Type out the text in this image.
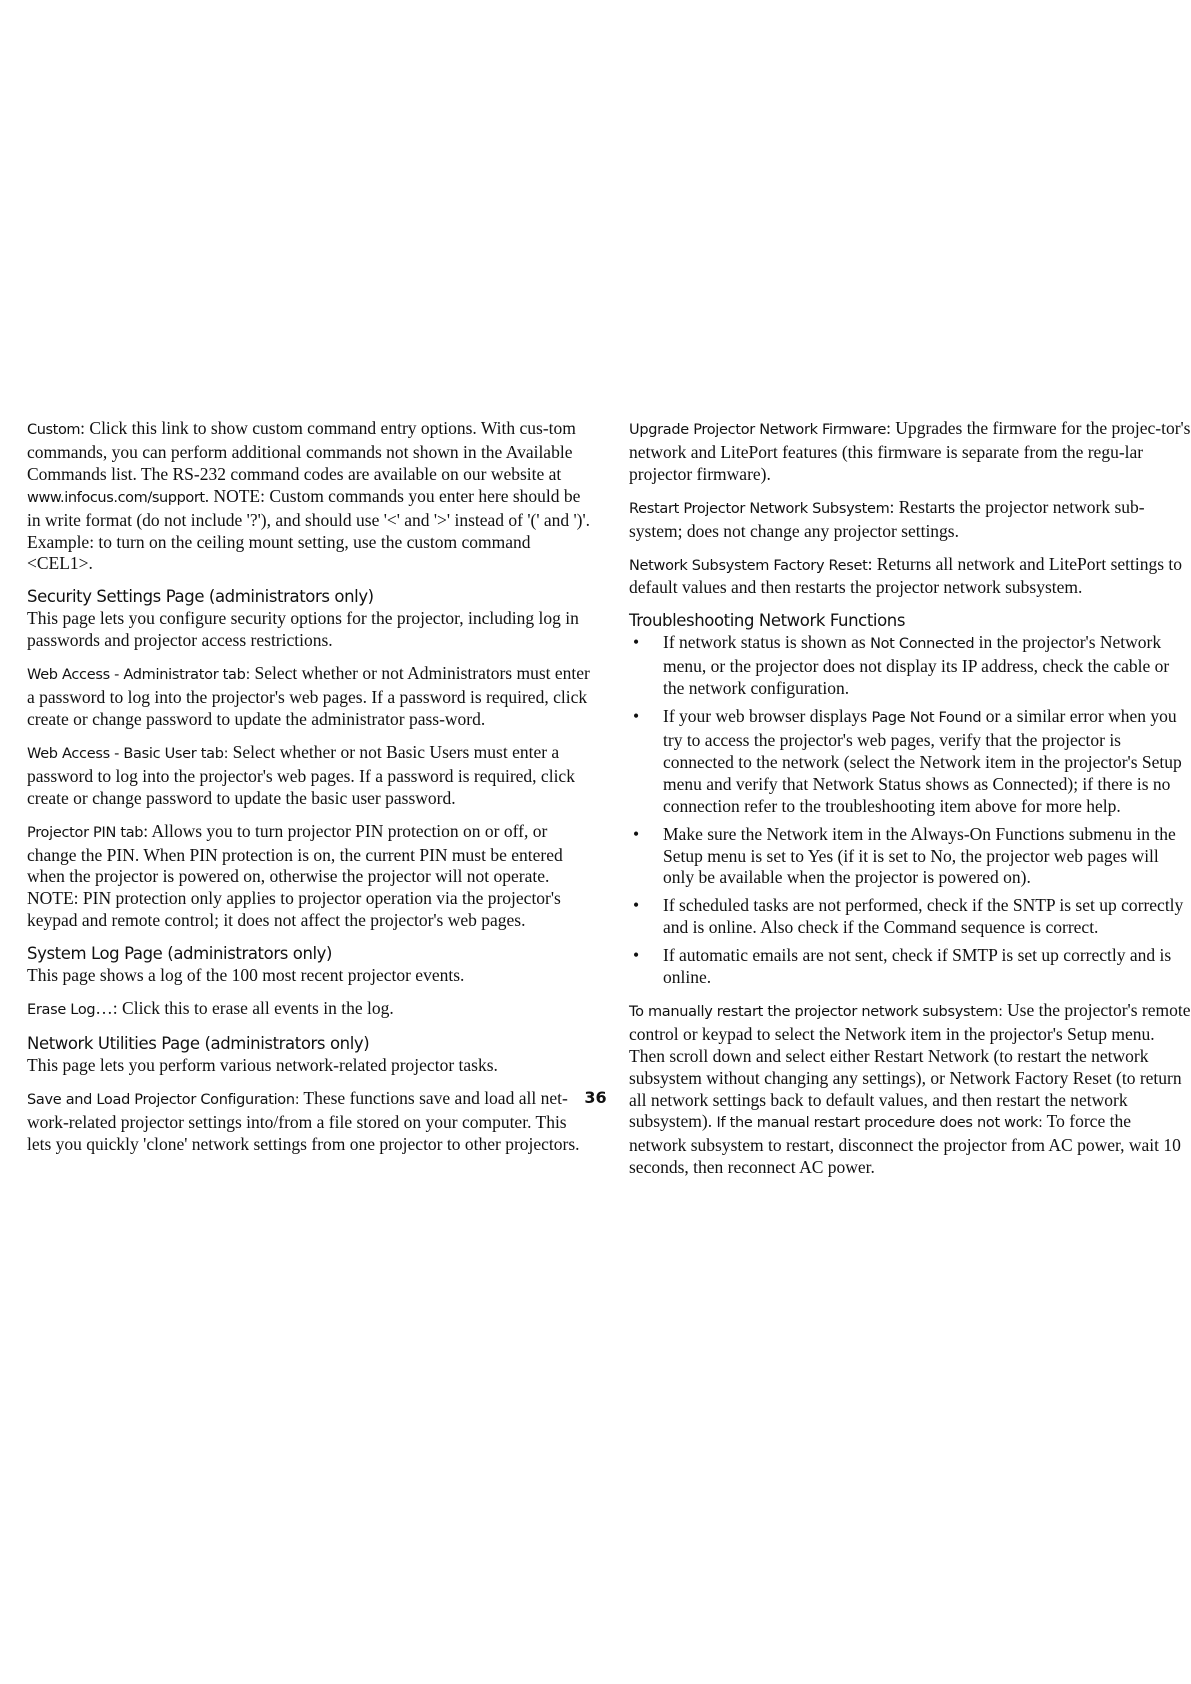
Custom: Click this link to show custom command entry options. With cus-tom commands, you can perform additional commands not shown in the Available Commands list. The RS-232 command codes are available on our website at www.infocus.com/support. NOTE: Custom commands you enter here should be in write format (do not include '?'), and should use '<' and '>' instead of '(' and ')'. Example: to turn on the ceiling mount setting, use the custom command <CEL1>.

Security Settings Page (administrators only)

This page lets you configure security options for the projector, including log in passwords and projector access restrictions.

Web Access - Administrator tab: Select whether or not Administrators must enter a password to log into the projector's web pages. If a password is required, click create or change password to update the administrator pass-word.

Web Access - Basic User tab: Select whether or not Basic Users must enter a password to log into the projector's web pages. If a password is required, click create or change password to update the basic user password.

Projector PIN tab: Allows you to turn projector PIN protection on or off, or change the PIN. When PIN protection is on, the current PIN must be entered when the projector is powered on, otherwise the projector will not operate. NOTE: PIN protection only applies to projector operation via the projector's keypad and remote control; it does not affect the projector's web pages.

System Log Page (administrators only)

This page shows a log of the 100 most recent projector events.

Erase Log…: Click this to erase all events in the log.

Network Utilities Page (administrators only)

This page lets you perform various network-related projector tasks.

Save and Load Projector Configuration: These functions save and load all net-work-related projector settings into/from a file stored on your computer. This lets you quickly 'clone' network settings from one projector to other projectors.

Upgrade Projector Network Firmware: Upgrades the firmware for the projec-tor's network and LitePort features (this firmware is separate from the regu-lar projector firmware).

Restart Projector Network Subsystem: Restarts the projector network sub-system; does not change any projector settings.

Network Subsystem Factory Reset: Returns all network and LitePort settings to default values and then restarts the projector network subsystem.

Troubleshooting Network Functions
• If network status is shown as Not Connected in the projector's Network menu, or the projector does not display its IP address, check the cable or the network configuration.
• If your web browser displays Page Not Found or a similar error when you try to access the projector's web pages, verify that the projector is connected to the network (select the Network item in the projector's Setup menu and verify that Network Status shows as Connected); if there is no connection refer to the troubleshooting item above for more help.
• Make sure the Network item in the Always-On Functions submenu in the Setup menu is set to Yes (if it is set to No, the projector web pages will only be available when the projector is powered on).
• If scheduled tasks are not performed, check if the SNTP is set up correctly and is online. Also check if the Command sequence is correct.
• If automatic emails are not sent, check if SMTP is set up correctly and is online.

To manually restart the projector network subsystem: Use the projector's remote control or keypad to select the Network item in the projector's Setup menu. Then scroll down and select either Restart Network (to restart the network subsystem without changing any settings), or Network Factory Reset (to return all network settings back to default values, and then restart the network subsystem). If the manual restart procedure does not work: To force the network subsystem to restart, disconnect the projector from AC power, wait 10 seconds, then reconnect AC power.

36
